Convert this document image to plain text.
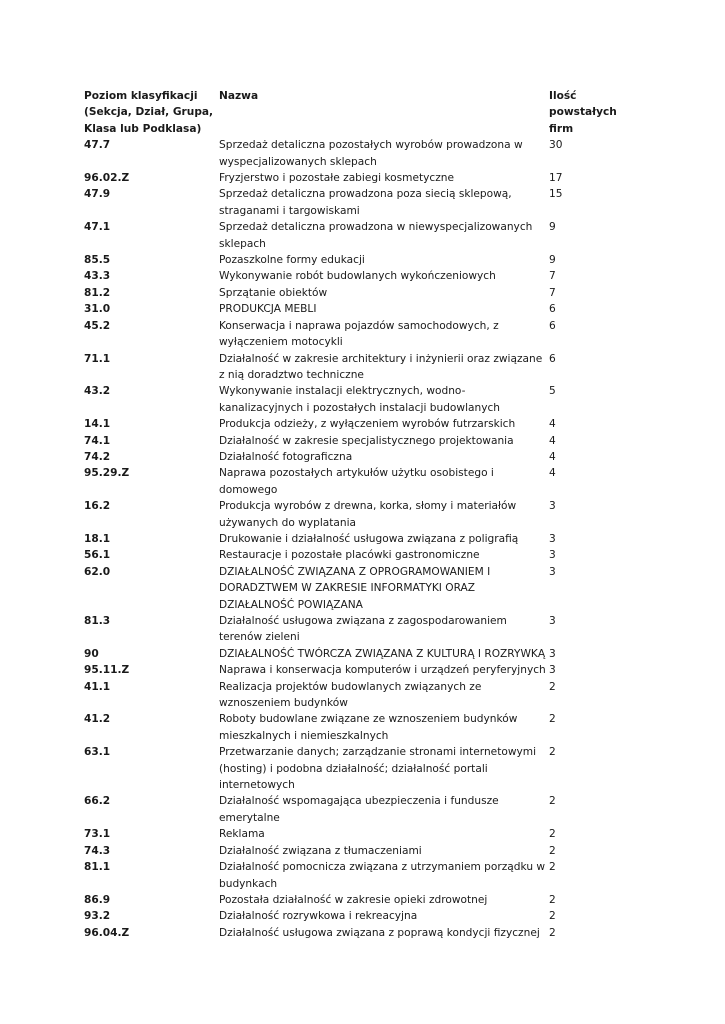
Poziom klasyfikacji (Sekcja, Dział, Grupa, Klasa lub Podklasa)	Nazwa	Ilość powstałych firm
47.7	Sprzedaż detaliczna pozostałych wyrobów prowadzona w wyspecjalizowanych sklepach	30
96.02.Z	Fryzjerstwo i pozostałe zabiegi kosmetyczne	17
47.9	Sprzedaż detaliczna prowadzona poza siecią sklepową, straganami i targowiskami	15
47.1	Sprzedaż detaliczna prowadzona w niewyspecjalizowanych sklepach	9
85.5	Pozaszkolne formy edukacji	9
43.3	Wykonywanie robót budowlanych wykończeniowych	7
81.2	Sprzątanie obiektów	7
31.0	PRODUKCJA MEBLI	6
45.2	Konserwacja i naprawa pojazdów samochodowych, z wyłączeniem motocykli	6
71.1	Działalność w zakresie architektury i inżynierii oraz związane z nią doradztwo techniczne	6
43.2	Wykonywanie instalacji elektrycznych, wodno-kanalizacyjnych i pozostałych instalacji budowlanych	5
14.1	Produkcja odzieży, z wyłączeniem wyrobów futrzarskich	4
74.1	Działalność w zakresie specjalistycznego projektowania	4
74.2	Działalność fotograficzna	4
95.29.Z	Naprawa pozostałych artykułów użytku osobistego i domowego	4
16.2	Produkcja wyrobów z drewna, korka, słomy i materiałów używanych do wyplatania	3
18.1	Drukowanie i działalność usługowa związana z poligrafią	3
56.1	Restauracje i pozostałe placówki gastronomiczne	3
62.0	DZIAŁALNOŚĆ ZWIĄZANA Z OPROGRAMOWANIEM I DORADZTWEM W ZAKRESIE INFORMATYKI ORAZ DZIAŁALNOŚĆ POWIĄZANA	3
81.3	Działalność usługowa związana z zagospodarowaniem terenów zieleni	3
90	DZIAŁALNOŚĆ TWÓRCZA ZWIĄZANA Z KULTURĄ I ROZRYWKĄ	3
95.11.Z	Naprawa i konserwacja komputerów i urządzeń peryferyjnych	3
41.1	Realizacja projektów budowlanych związanych ze wznoszeniem budynków	2
41.2	Roboty budowlane związane ze wznoszeniem budynków mieszkalnych i niemieszkalnych	2
63.1	Przetwarzanie danych; zarządzanie stronami internetowymi (hosting) i podobna działalność; działalność portali internetowych	2
66.2	Działalność wspomagająca ubezpieczenia i fundusze emerytalne	2
73.1	Reklama	2
74.3	Działalność związana z tłumaczeniami	2
81.1	Działalność pomocnicza związana z utrzymaniem porządku w budynkach	2
86.9	Pozostała działalność w zakresie opieki zdrowotnej	2
93.2	Działalność rozrywkowa i rekreacyjna	2
96.04.Z	Działalność usługowa związana z poprawą kondycji fizycznej	2
